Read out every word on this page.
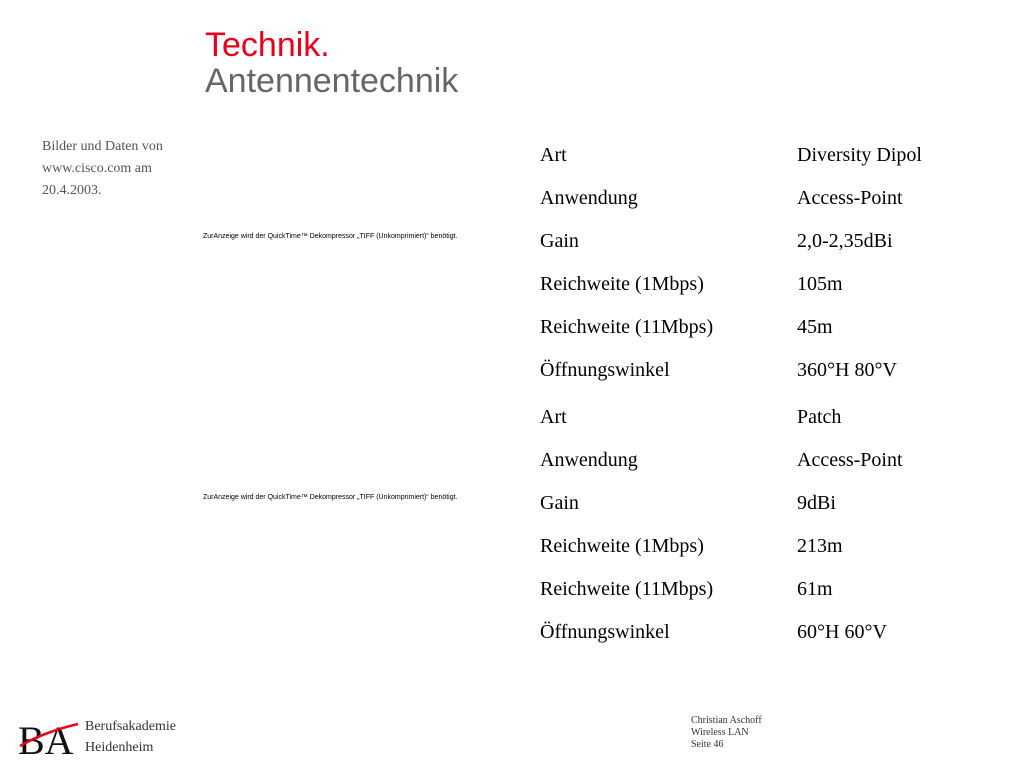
Technik.
Antennentechnik
Bilder und Daten von www.cisco.com am 20.4.2003.
ZurAnzeige wird der QuickTime™ Dekompressor „TIFF (Unkomprimiert)“ benötigt.
ZurAnzeige wird der QuickTime™ Dekompressor „TIFF (Unkomprimiert)“ benötigt.
Art	Diversity Dipol
Anwendung	Access-Point
Gain	2,0-2,35dBi
Reichweite (1Mbps)	105m
Reichweite (11Mbps)	45m
Öffnungswinkel	360°H 80°V
Art	Patch
Anwendung	Access-Point
Gain	9dBi
Reichweite (1Mbps)	213m
Reichweite (11Mbps)	61m
Öffnungswinkel	60°H 60°V
BA Berufsakademie
Heidenheim
Christian Aschoff
Wireless LAN
Seite 46
